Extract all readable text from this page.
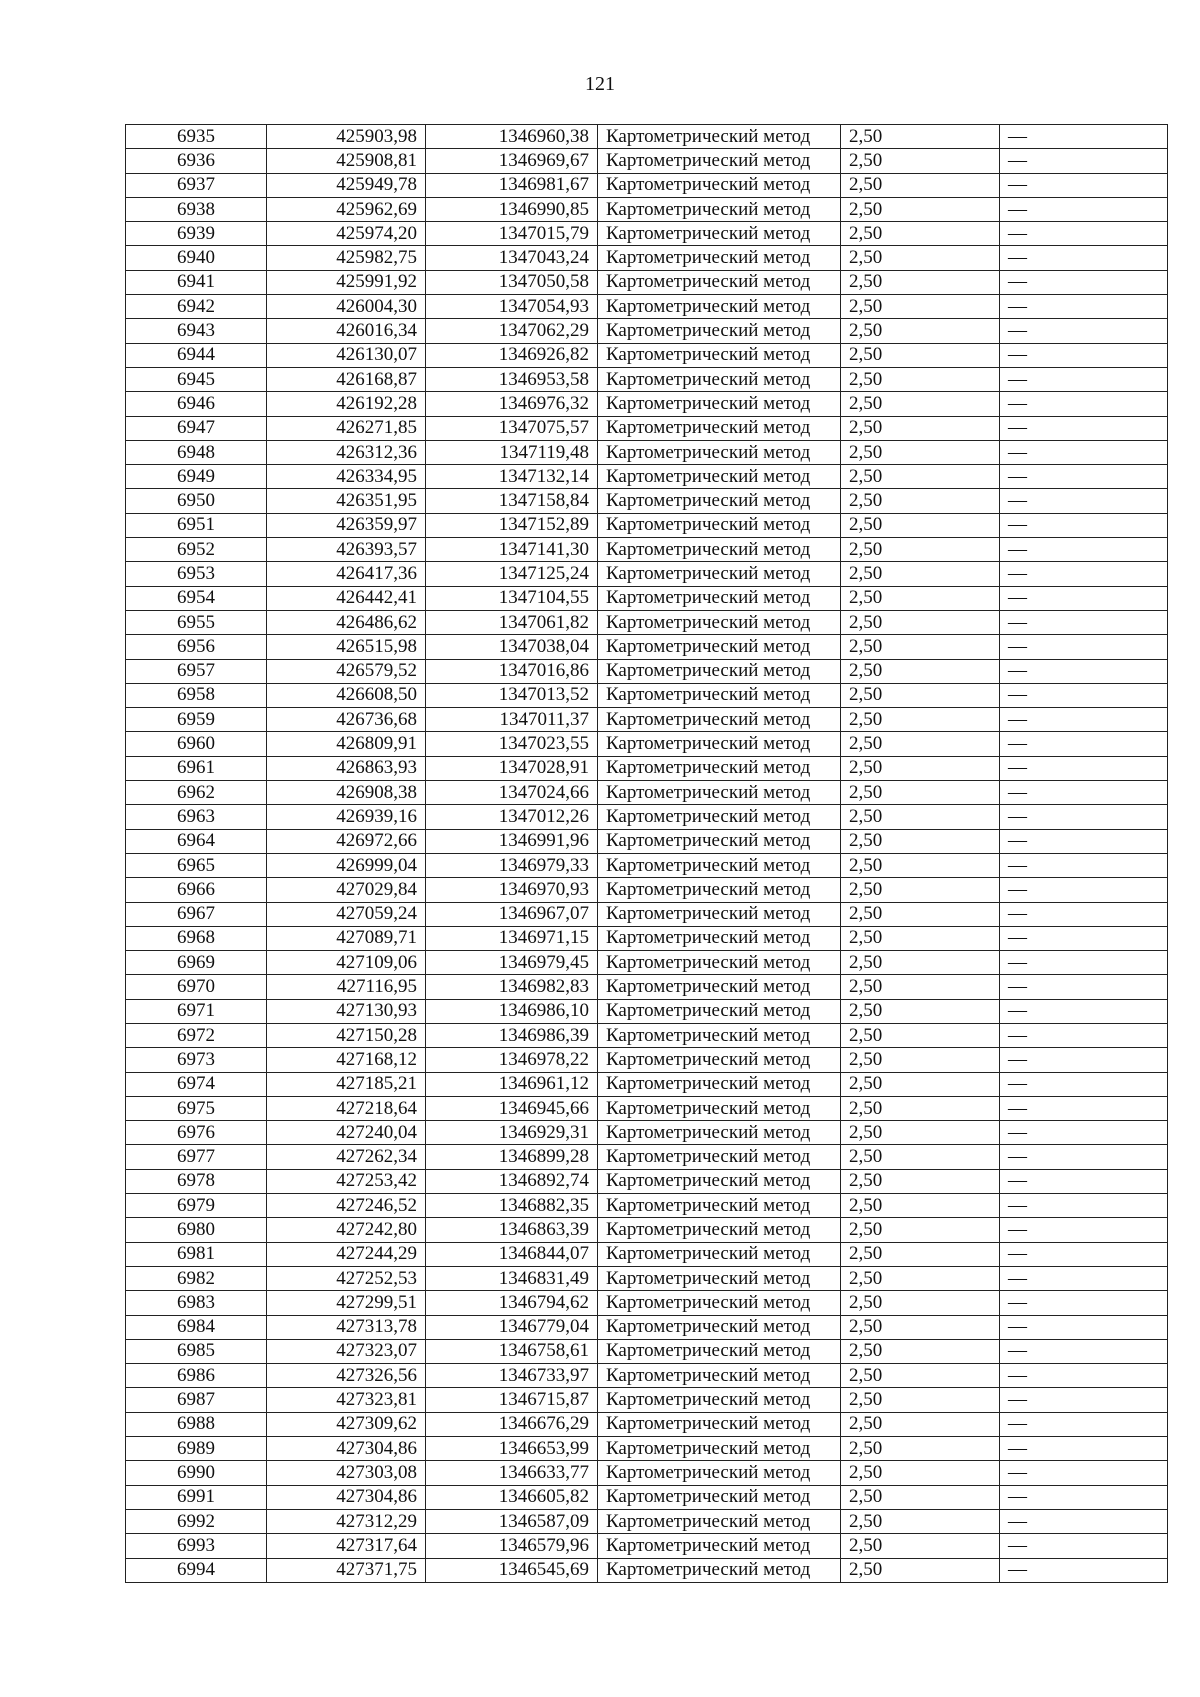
121
6935	425903,98	1346960,38	Картометрический метод	2,50	—
6936	425908,81	1346969,67	Картометрический метод	2,50	—
6937	425949,78	1346981,67	Картометрический метод	2,50	—
6938	425962,69	1346990,85	Картометрический метод	2,50	—
6939	425974,20	1347015,79	Картометрический метод	2,50	—
6940	425982,75	1347043,24	Картометрический метод	2,50	—
6941	425991,92	1347050,58	Картометрический метод	2,50	—
6942	426004,30	1347054,93	Картометрический метод	2,50	—
6943	426016,34	1347062,29	Картометрический метод	2,50	—
6944	426130,07	1346926,82	Картометрический метод	2,50	—
6945	426168,87	1346953,58	Картометрический метод	2,50	—
6946	426192,28	1346976,32	Картометрический метод	2,50	—
6947	426271,85	1347075,57	Картометрический метод	2,50	—
6948	426312,36	1347119,48	Картометрический метод	2,50	—
6949	426334,95	1347132,14	Картометрический метод	2,50	—
6950	426351,95	1347158,84	Картометрический метод	2,50	—
6951	426359,97	1347152,89	Картометрический метод	2,50	—
6952	426393,57	1347141,30	Картометрический метод	2,50	—
6953	426417,36	1347125,24	Картометрический метод	2,50	—
6954	426442,41	1347104,55	Картометрический метод	2,50	—
6955	426486,62	1347061,82	Картометрический метод	2,50	—
6956	426515,98	1347038,04	Картометрический метод	2,50	—
6957	426579,52	1347016,86	Картометрический метод	2,50	—
6958	426608,50	1347013,52	Картометрический метод	2,50	—
6959	426736,68	1347011,37	Картометрический метод	2,50	—
6960	426809,91	1347023,55	Картометрический метод	2,50	—
6961	426863,93	1347028,91	Картометрический метод	2,50	—
6962	426908,38	1347024,66	Картометрический метод	2,50	—
6963	426939,16	1347012,26	Картометрический метод	2,50	—
6964	426972,66	1346991,96	Картометрический метод	2,50	—
6965	426999,04	1346979,33	Картометрический метод	2,50	—
6966	427029,84	1346970,93	Картометрический метод	2,50	—
6967	427059,24	1346967,07	Картометрический метод	2,50	—
6968	427089,71	1346971,15	Картометрический метод	2,50	—
6969	427109,06	1346979,45	Картометрический метод	2,50	—
6970	427116,95	1346982,83	Картометрический метод	2,50	—
6971	427130,93	1346986,10	Картометрический метод	2,50	—
6972	427150,28	1346986,39	Картометрический метод	2,50	—
6973	427168,12	1346978,22	Картометрический метод	2,50	—
6974	427185,21	1346961,12	Картометрический метод	2,50	—
6975	427218,64	1346945,66	Картометрический метод	2,50	—
6976	427240,04	1346929,31	Картометрический метод	2,50	—
6977	427262,34	1346899,28	Картометрический метод	2,50	—
6978	427253,42	1346892,74	Картометрический метод	2,50	—
6979	427246,52	1346882,35	Картометрический метод	2,50	—
6980	427242,80	1346863,39	Картометрический метод	2,50	—
6981	427244,29	1346844,07	Картометрический метод	2,50	—
6982	427252,53	1346831,49	Картометрический метод	2,50	—
6983	427299,51	1346794,62	Картометрический метод	2,50	—
6984	427313,78	1346779,04	Картометрический метод	2,50	—
6985	427323,07	1346758,61	Картометрический метод	2,50	—
6986	427326,56	1346733,97	Картометрический метод	2,50	—
6987	427323,81	1346715,87	Картометрический метод	2,50	—
6988	427309,62	1346676,29	Картометрический метод	2,50	—
6989	427304,86	1346653,99	Картометрический метод	2,50	—
6990	427303,08	1346633,77	Картометрический метод	2,50	—
6991	427304,86	1346605,82	Картометрический метод	2,50	—
6992	427312,29	1346587,09	Картометрический метод	2,50	—
6993	427317,64	1346579,96	Картометрический метод	2,50	—
6994	427371,75	1346545,69	Картометрический метод	2,50	—
